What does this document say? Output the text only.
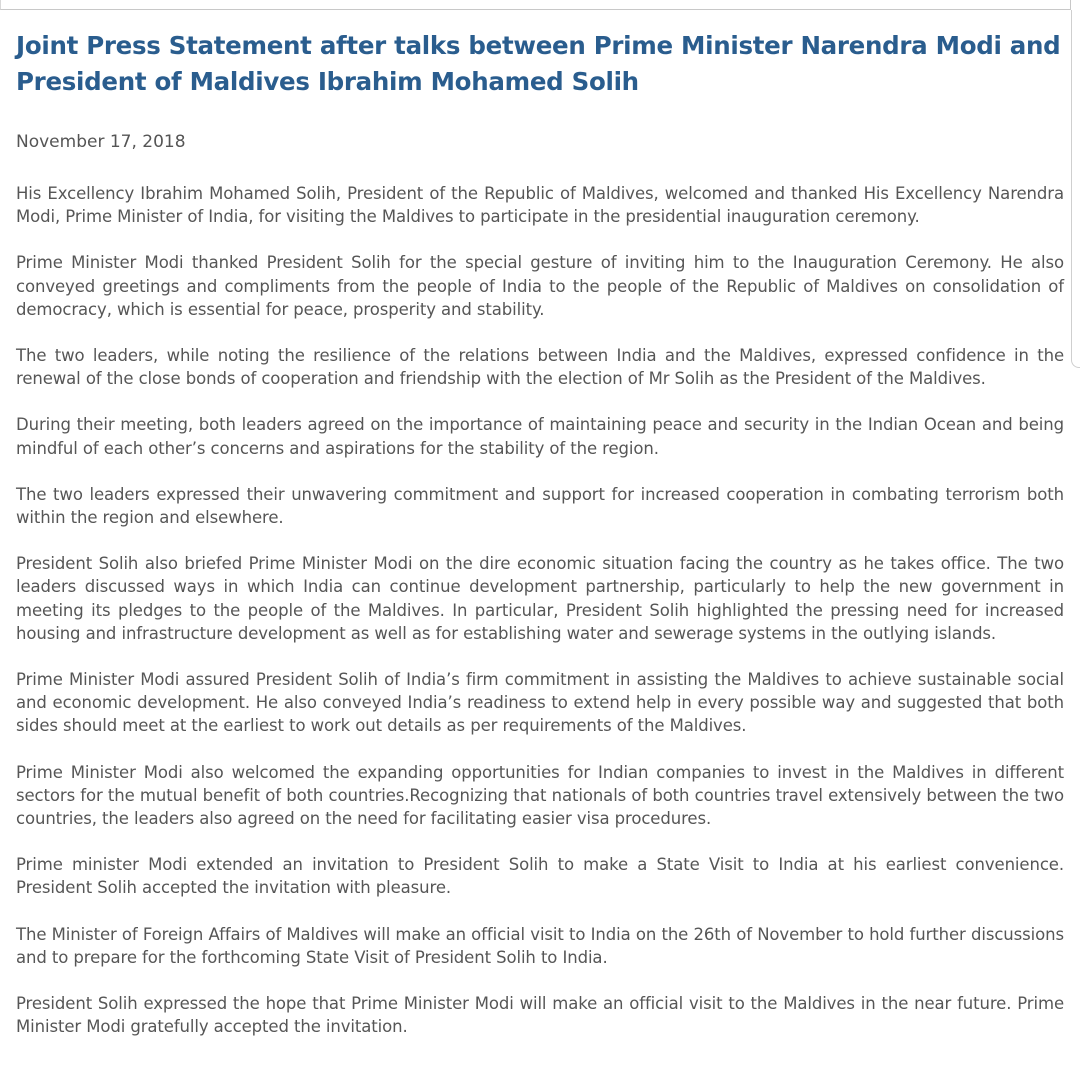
Joint Press Statement after talks between Prime Minister Narendra Modi and President of Maldives Ibrahim Mohamed Solih

November 17, 2018

His Excellency Ibrahim Mohamed Solih, President of the Republic of Maldives, welcomed and thanked His Excellency Narendra Modi, Prime Minister of India, for visiting the Maldives to participate in the presidential inauguration ceremony.

Prime Minister Modi thanked President Solih for the special gesture of inviting him to the Inauguration Ceremony. He also conveyed greetings and compliments from the people of India to the people of the Republic of Maldives on consolidation of democracy, which is essential for peace, prosperity and stability.

The two leaders, while noting the resilience of the relations between India and the Maldives, expressed confidence in the renewal of the close bonds of cooperation and friendship with the election of Mr Solih as the President of the Maldives.

During their meeting, both leaders agreed on the importance of maintaining peace and security in the Indian Ocean and being mindful of each other’s concerns and aspirations for the stability of the region.

The two leaders expressed their unwavering commitment and support for increased cooperation in combating terrorism both within the region and elsewhere.

President Solih also briefed Prime Minister Modi on the dire economic situation facing the country as he takes office. The two leaders discussed ways in which India can continue development partnership, particularly to help the new government in meeting its pledges to the people of the Maldives. In particular, President Solih highlighted the pressing need for increased housing and infrastructure development as well as for establishing water and sewerage systems in the outlying islands.

Prime Minister Modi assured President Solih of India’s firm commitment in assisting the Maldives to achieve sustainable social and economic development. He also conveyed India’s readiness to extend help in every possible way and suggested that both sides should meet at the earliest to work out details as per requirements of the Maldives.

Prime Minister Modi also welcomed the expanding opportunities for Indian companies to invest in the Maldives in different sectors for the mutual benefit of both countries.Recognizing that nationals of both countries travel extensively between the two countries, the leaders also agreed on the need for facilitating easier visa procedures.

Prime minister Modi extended an invitation to President Solih to make a State Visit to India at his earliest convenience. President Solih accepted the invitation with pleasure.

The Minister of Foreign Affairs of Maldives will make an official visit to India on the 26th of November to hold further discussions and to prepare for the forthcoming State Visit of President Solih to India.

President Solih expressed the hope that Prime Minister Modi will make an official visit to the Maldives in the near future. Prime Minister Modi gratefully accepted the invitation.
